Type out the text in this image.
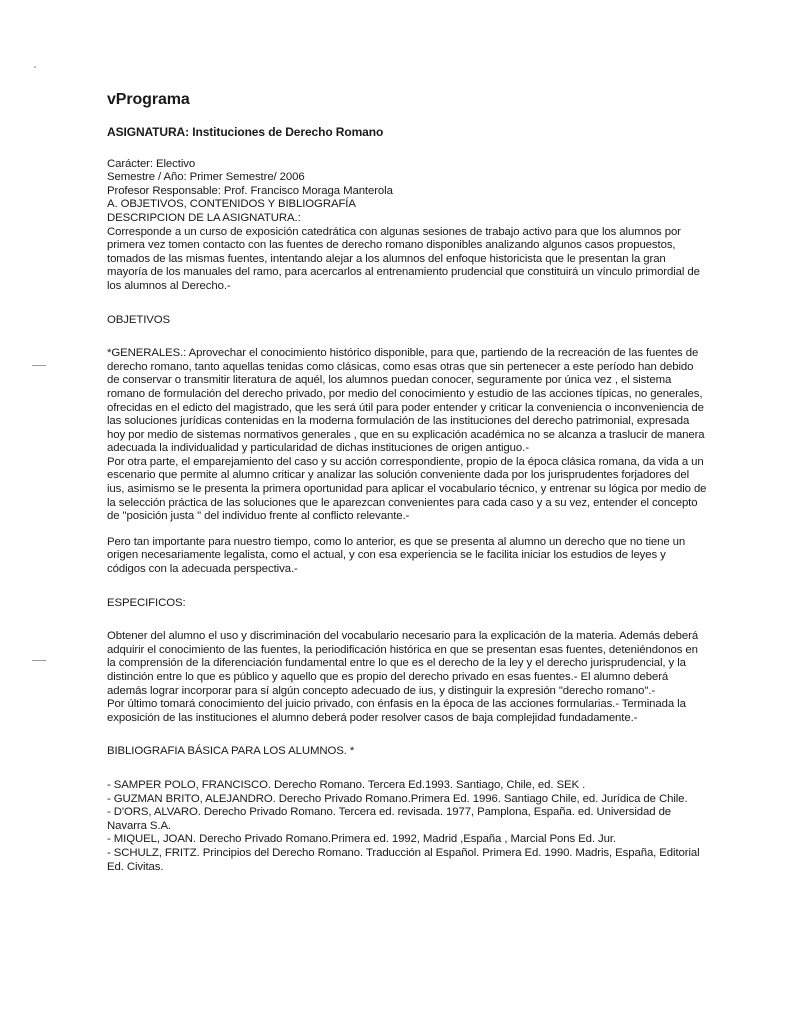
vPrograma
ASIGNATURA: Instituciones de Derecho Romano
Carácter: Electivo
Semestre / Año: Primer Semestre/ 2006
Profesor Responsable: Prof. Francisco Moraga Manterola
A. OBJETIVOS, CONTENIDOS Y BIBLIOGRAFÍA
DESCRIPCION DE LA ASIGNATURA.:

Corresponde a un curso de exposición catedrática con algunas sesiones de trabajo activo para que los alumnos por primera vez tomen contacto con las fuentes de derecho romano disponibles analizando algunos casos propuestos, tomados de las mismas fuentes, intentando alejar a los alumnos del enfoque historicista que le presentan la gran mayoría de los manuales del ramo, para acercarlos al entrenamiento prudencial que constituirá un vínculo primordial de los alumnos al Derecho.-

OBJETIVOS

*GENERALES.: Aprovechar el conocimiento histórico disponible, para que, partiendo de la recreación de las fuentes de derecho romano, tanto aquellas tenidas como clásicas, como esas otras que sin pertenecer a este período han debido de conservar o transmitir literatura de aquél, los alumnos puedan conocer, seguramente por única vez , el sistema romano de formulación del derecho privado, por medio del conocimiento y estudio de las acciones típicas, no generales, ofrecidas en el edicto del magistrado, que les será útil para poder entender y criticar la conveniencia o inconveniencia de las soluciones jurídicas contenidas en la moderna formulación de las instituciones del derecho patrimonial, expresada hoy por medio de sistemas normativos generales , que en su explicación académica no se alcanza a traslucir de manera adecuada la individualidad y particularidad de dichas instituciones de origen antiguo.-

Por otra parte, el emparejamiento del caso y su acción correspondiente, propio de la época clásica romana, da vida a un escenario que permite al alumno criticar y analizar las solución conveniente dada por los jurisprudentes forjadores del ius, asimismo se le presenta la primera oportunidad para aplicar el vocabulario técnico, y entrenar su lógica por medio de la selección práctica de las soluciones que le aparezcan convenientes para cada caso y a su vez, entender el concepto de "posición justa " del individuo frente al conflicto relevante.-

Pero tan importante para nuestro tiempo, como lo anterior, es que se presenta al alumno un derecho que no tiene un origen necesariamente legalista, como el actual, y con esa experiencia se le facilita iniciar los estudios de leyes y códigos con la adecuada perspectiva.-

ESPECIFICOS:

Obtener del alumno el uso y discriminación del vocabulario necesario para la explicación de la materia. Además deberá adquirir el conocimiento de las fuentes, la periodificación histórica en que se presentan esas fuentes, deteniéndonos en la comprensión de la diferenciación fundamental entre lo que es el derecho de la ley y el derecho jurisprudencial, y la distinción entre lo que es público y aquello que es propio del derecho privado en esas fuentes.- El alumno deberá además lograr incorporar para sí algún concepto adecuado de ius, y distinguir la expresión "derecho romano".-

Por último tomará conocimiento del juicio privado, con énfasis en la época de las acciones formularias.- Terminada la exposición de las instituciones el alumno deberá poder resolver casos de baja complejidad fundadamente.-

BIBLIOGRAFIA BÁSICA PARA LOS ALUMNOS. *

- SAMPER POLO, FRANCISCO. Derecho Romano. Tercera Ed.1993. Santiago, Chile, ed. SEK .
- GUZMAN BRITO, ALEJANDRO. Derecho Privado Romano.Primera Ed. 1996. Santiago Chile, ed. Jurídica de Chile.
- D'ORS, ALVARO. Derecho Privado Romano. Tercera ed. revisada. 1977, Pamplona, España. ed. Universidad de Navarra S.A.
- MIQUEL, JOAN. Derecho Privado Romano.Primera ed. 1992, Madrid ,España , Marcial Pons Ed. Jur.
- SCHULZ, FRITZ. Principios del Derecho Romano. Traducción al Español. Primera Ed. 1990. Madris, España, Editorial Ed. Civitas.
